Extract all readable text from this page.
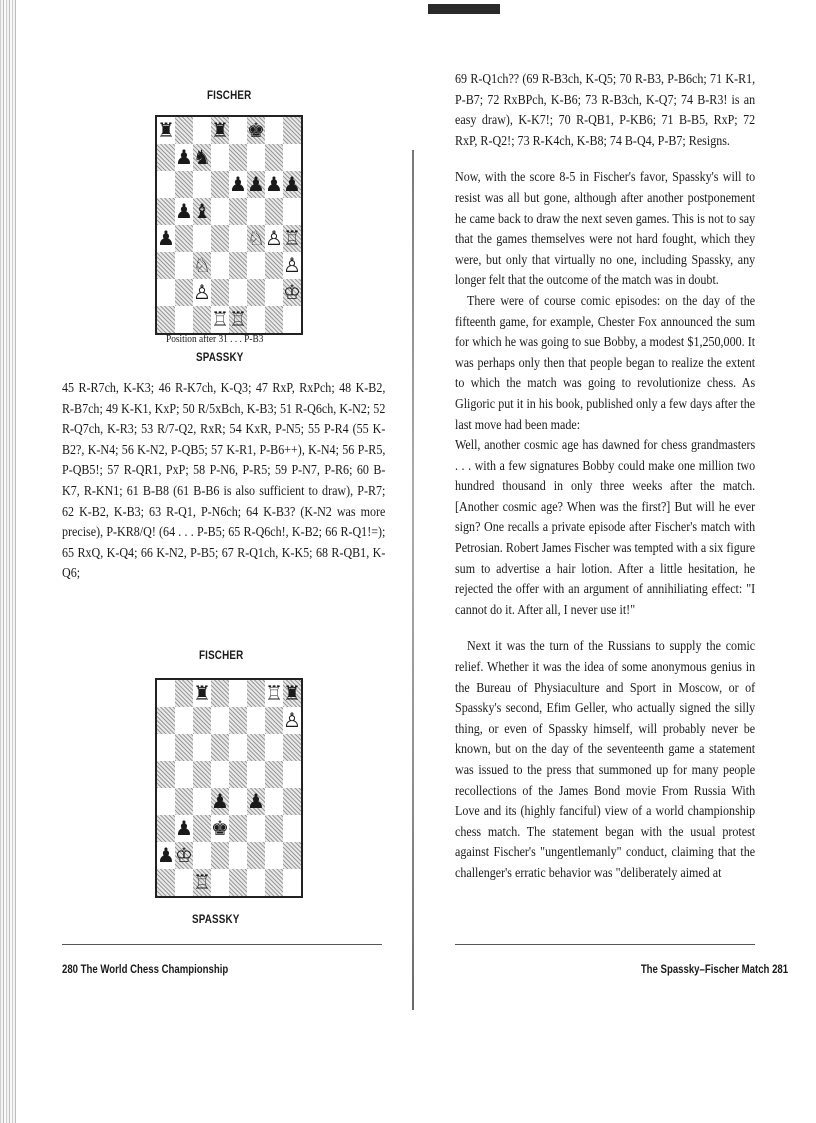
FISCHER
♜ ♜ ♚
♟ ♞
♟ ♟ ♟ ♟
♟ ♝
♟	♘ ♙ ♖
♘	♙
♙	♔
♖ ♖
Position after 31 . . . P-B3
SPASSKY

45 R-R7ch, K-K3; 46 R-K7ch, K-Q3; 47 RxP, RxPch; 48 K-B2, R-B7ch; 49 K-K1, KxP; 50 R/5xBch, K-B3; 51 R-Q6ch, K-N2; 52 R-Q7ch, K-R3; 53 R/7-Q2, RxR; 54 KxR, P-N5; 55 P-R4 (55 K-B2?, K-N4; 56 K-N2, P-QB5; 57 K-R1, P-B6++), K-N4; 56 P-R5, P-QB5!; 57 R-QR1, PxP; 58 P-N6, P-R5; 59 P-N7, P-R6; 60 B-K7, R-KN1; 61 B-B8 (61 B-B6 is also sufficient to draw), P-R7; 62 K-B2, K-B3; 63 R-Q1, P-N6ch; 64 K-B3? (K-N2 was more precise), P-KR8/Q! (64 . . . P-B5; 65 R-Q6ch!, K-B2; 66 R-Q1!=); 65 RxQ, K-Q4; 66 K-N2, P-B5; 67 R-Q1ch, K-K5; 68 R-QB1, K-Q6;

FISCHER
♜	♖ ♜
♙
♟ ♟
♟ ♚
♟ ♔
♖
SPASSKY
280 The World Chess Championship

69 R-Q1ch?? (69 R-B3ch, K-Q5; 70 R-B3, P-B6ch; 71 K-R1, P-B7; 72 RxBPch, K-B6; 73 R-B3ch, K-Q7; 74 B-R3! is an easy draw), K-K7!; 70 R-QB1, P-KB6; 71 B-B5, RxP; 72 RxP, R-Q2!; 73 R-K4ch, K-B8; 74 B-Q4, P-B7; Resigns.

Now, with the score 8-5 in Fischer's favor, Spassky's will to resist was all but gone, although after another postponement he came back to draw the next seven games. This is not to say that the games themselves were not hard fought, which they were, but only that virtually no one, including Spassky, any longer felt that the outcome of the match was in doubt.

There were of course comic episodes: on the day of the fifteenth game, for example, Chester Fox announced the sum for which he was going to sue Bobby, a modest $1,250,000. It was perhaps only then that people began to realize the extent to which the match was going to revolutionize chess. As Gligoric put it in his book, published only a few days after the last move had been made:

Well, another cosmic age has dawned for chess grandmasters . . . with a few signatures Bobby could make one million two hundred thousand in only three weeks after the match. [Another cosmic age? When was the first?] But will he ever sign? One recalls a private episode after Fischer's match with Petrosian. Robert James Fischer was tempted with a six figure sum to advertise a hair lotion. After a little hesitation, he rejected the offer with an argument of annihiliating effect: "I cannot do it. After all, I never use it!"

Next it was the turn of the Russians to supply the comic relief. Whether it was the idea of some anonymous genius in the Bureau of Physiaculture and Sport in Moscow, or of Spassky's second, Efim Geller, who actually signed the silly thing, or even of Spassky himself, will probably never be known, but on the day of the seventeenth game a statement was issued to the press that summoned up for many people recollections of the James Bond movie From Russia With Love and its (highly fanciful) view of a world championship chess match. The statement began with the usual protest against Fischer's "ungentlemanly" conduct, claiming that the challenger's erratic behavior was "deliberately aimed at

The Spassky–Fischer Match 281
